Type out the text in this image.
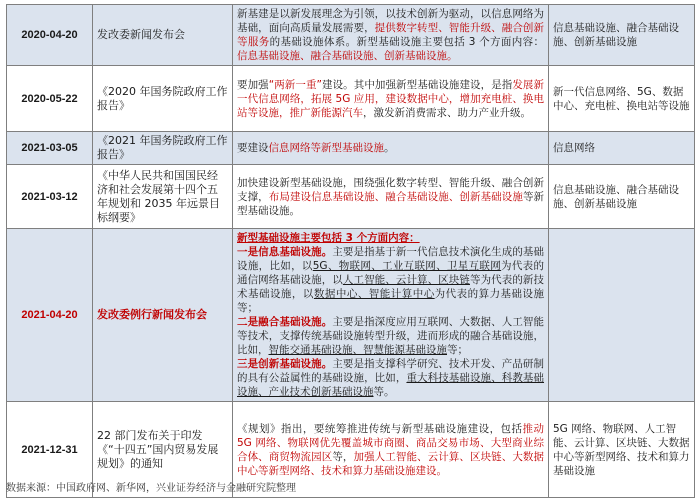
2020-04-20	发改委新闻发布会	新基建是以新发展理念为引领，以技术创新为驱动，以信息网络为基础，面向高质量发展需要，提供数字转型、智能升级、融合创新等服务的基础设施体系。新型基础设施主要包括 3 个方面内容：信息基础设施、融合基础设施、创新基础设施。	信息基础设施、融合基础设施、创新基础设施
2020-05-22	《2020 年国务院政府工作报告》	要加强“两新一重”建设。其中加强新型基础设施建设，是指发展新一代信息网络，拓展 5G 应用，建设数据中心，增加充电桩、换电站等设施，推广新能源汽车，激发新消费需求、助力产业升级。	新一代信息网络、5G、数据中心、充电桩、换电站等设施
2021-03-05	《2021 年国务院政府工作报告》	要建设信息网络等新型基础设施。	信息网络
2021-03-12	《中华人民共和国国民经济和社会发展第十四个五年规划和 2035 年远景目标纲要》	加快建设新型基础设施，围绕强化数字转型、智能升级、融合创新支撑，布局建设信息基础设施、融合基础设施、创新基础设施等新型基础设施。	信息基础设施、融合基础设施、创新基础设施
2021-04-20	发改委例行新闻发布会	新型基础设施主要包括 3 个方面内容：
一是信息基础设施。主要是指基于新一代信息技术演化生成的基础设施，比如，以5G、物联网、工业互联网、卫星互联网为代表的通信网络基础设施，以人工智能、云计算、区块链等为代表的新技术基础设施，以数据中心、智能计算中心为代表的算力基础设施等；
二是融合基础设施。主要是指深度应用互联网、大数据、人工智能等技术，支撑传统基础设施转型升级，进而形成的融合基础设施，比如，智能交通基础设施、智慧能源基础设施等；
三是创新基础设施。主要是指支撑科学研究、技术开发、产品研制的具有公益属性的基础设施，比如，重大科技基础设施、科教基础设施、产业技术创新基础设施等。	

2021-12-31	22 部门发布关于印发《“十四五”国内贸易发展规划》的通知	《规划》指出，要统筹推进传统与新型基础设施建设，包括推动 5G 网络、物联网优先覆盖城市商圈、商品交易市场、大型商业综合体、商贸物流园区等，加强人工智能、云计算、区块链、大数据中心等新型网络、技术和算力基础设施建设。	5G 网络、物联网、人工智能、云计算、区块链、大数据中心等新型网络、技术和算力基础设施
数据来源：中国政府网、新华网，兴业证券经济与金融研究院整理
